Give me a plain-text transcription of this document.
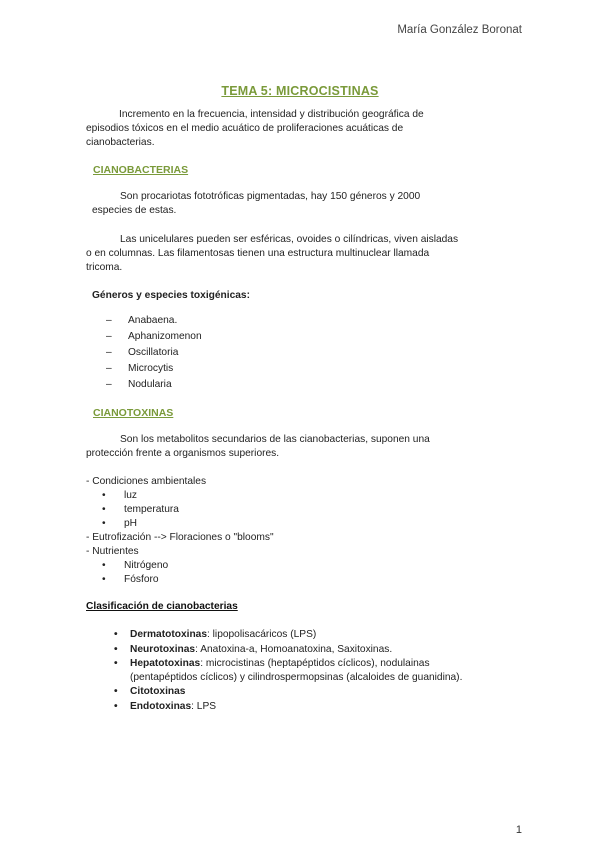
María González Boronat
TEMA 5: MICROCISTINAS
Incremento en la frecuencia, intensidad y distribución geográfica de
episodios tóxicos en el medio acuático de proliferaciones acuáticas de
cianobacterias.
CIANOBACTERIAS
Son procariotas fototróficas pigmentadas, hay 150 géneros y 2000
especies de estas.
Las unicelulares pueden ser esféricas, ovoides o cilíndricas, viven aisladas
o en columnas. Las filamentosas tienen una estructura multinuclear llamada
tricoma.
Géneros y especies toxigénicas:
– Anabaena.
– Aphanizomenon
– Oscillatoria
– Microcytis
– Nodularia
CIANOTOXINAS
Son los metabolitos secundarios de las cianobacterias, suponen una
protección frente a organismos superiores.
- Condiciones ambientales
• luz
• temperatura
• pH
- Eutrofización --> Floraciones o "blooms"
- Nutrientes
• Nitrógeno
• Fósforo
Clasificación de cianobacterias
• Dermatotoxinas: lipopolisacáricos (LPS)
• Neurotoxinas: Anatoxina-a, Homoanatoxina, Saxitoxinas.
• Hepatotoxinas: microcistinas (heptapéptidos cíclicos), nodulainas (pentapéptidos cíclicos) y cilindrospermopsinas (alcaloides de guanidina).
• Citotoxinas
• Endotoxinas: LPS
1
